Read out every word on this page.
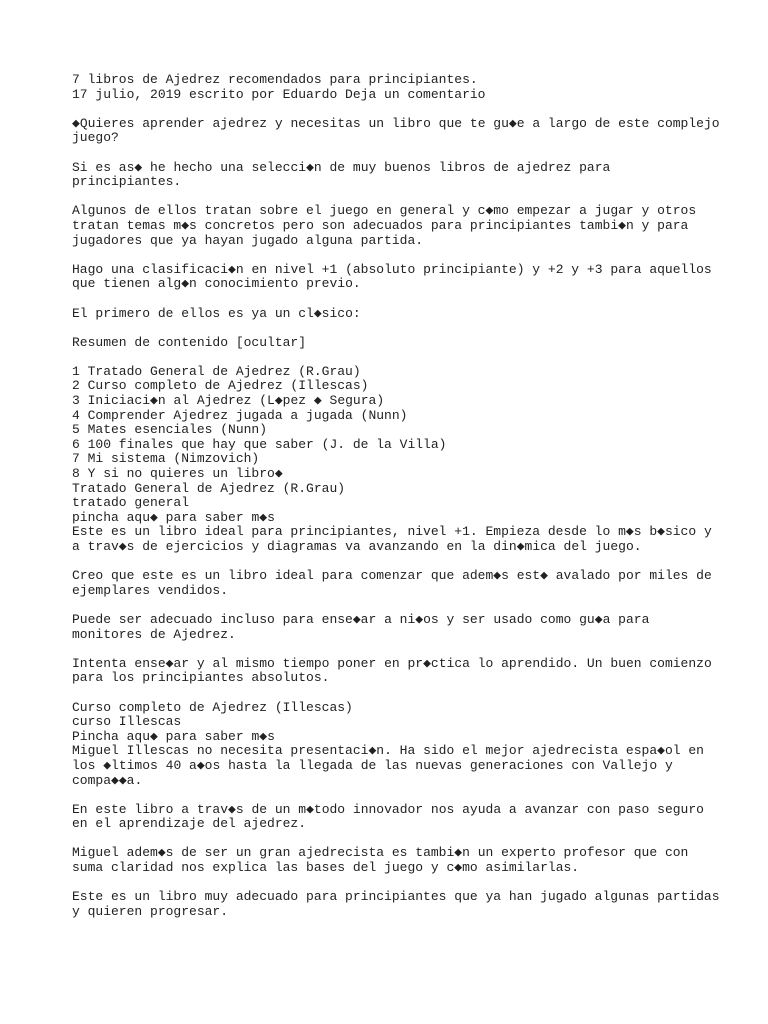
7 libros de Ajedrez recomendados para principiantes.
17 julio, 2019 escrito por Eduardo Deja un comentario
◆Quieres aprender ajedrez y necesitas un libro que te gu◆e a largo de este complejo
juego?
Si es as◆ he hecho una selecci◆n de muy buenos libros de ajedrez para
principiantes.
Algunos de ellos tratan sobre el juego en general y c◆mo empezar a jugar y otros
tratan temas m◆s concretos pero son adecuados para principiantes tambi◆n y para
jugadores que ya hayan jugado alguna partida.
Hago una clasificaci◆n en nivel +1 (absoluto principiante) y +2 y +3 para aquellos
que tienen alg◆n conocimiento previo.
El primero de ellos es ya un cl◆sico:
Resumen de contenido [ocultar]
1 Tratado General de Ajedrez (R.Grau)
2 Curso completo de Ajedrez (Illescas)
3 Iniciaci◆n al Ajedrez (L◆pez ◆ Segura)
4 Comprender Ajedrez jugada a jugada (Nunn)
5 Mates esenciales (Nunn)
6 100 finales que hay que saber (J. de la Villa)
7 Mi sistema (Nimzovich)
8 Y si no quieres un libro◆
Tratado General de Ajedrez (R.Grau)
tratado general
pincha aqu◆ para saber m◆s
Este es un libro ideal para principiantes, nivel +1. Empieza desde lo m◆s b◆sico y
a trav◆s de ejercicios y diagramas va avanzando en la din◆mica del juego.
Creo que este es un libro ideal para comenzar que adem◆s est◆ avalado por miles de
ejemplares vendidos.
Puede ser adecuado incluso para ense◆ar a ni◆os y ser usado como gu◆a para
monitores de Ajedrez.
Intenta ense◆ar y al mismo tiempo poner en pr◆ctica lo aprendido. Un buen comienzo
para los principiantes absolutos.
Curso completo de Ajedrez (Illescas)
curso Illescas
Pincha aqu◆ para saber m◆s
Miguel Illescas no necesita presentaci◆n. Ha sido el mejor ajedrecista espa◆ol en
los ◆ltimos 40 a◆os hasta la llegada de las nuevas generaciones con Vallejo y
compa◆◆a.
En este libro a trav◆s de un m◆todo innovador nos ayuda a avanzar con paso seguro
en el aprendizaje del ajedrez.
Miguel adem◆s de ser un gran ajedrecista es tambi◆n un experto profesor que con
suma claridad nos explica las bases del juego y c◆mo asimilarlas.
Este es un libro muy adecuado para principiantes que ya han jugado algunas partidas
y quieren progresar.
